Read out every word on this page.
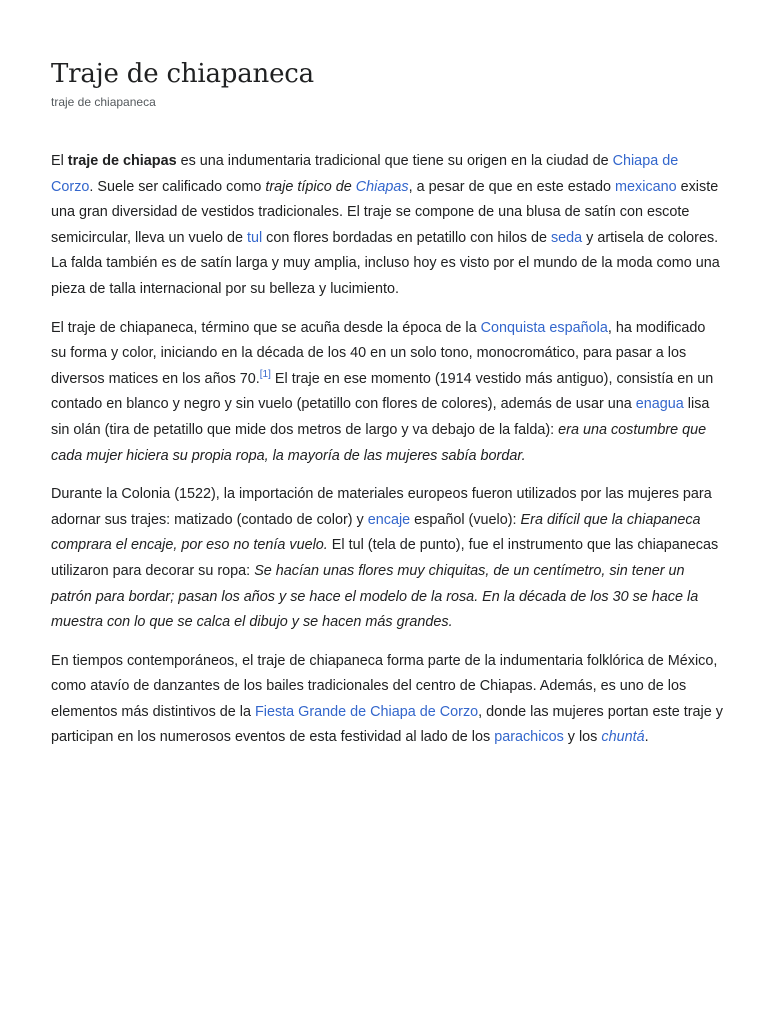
Traje de chiapaneca
traje de chiapaneca

El traje de chiapas es una indumentaria tradicional que tiene su origen en la ciudad de Chiapa de Corzo. Suele ser calificado como traje típico de Chiapas, a pesar de que en este estado mexicano existe una gran diversidad de vestidos tradicionales. El traje se compone de una blusa de satín con escote semicircular, lleva un vuelo de tul con flores bordadas en petatillo con hilos de seda y artisela de colores. La falda también es de satín larga y muy amplia, incluso hoy es visto por el mundo de la moda como una pieza de talla internacional por su belleza y lucimiento.

El traje de chiapaneca, término que se acuña desde la época de la Conquista española, ha modificado su forma y color, iniciando en la década de los 40 en un solo tono, monocromático, para pasar a los diversos matices en los años 70.[1] El traje en ese momento (1914 vestido más antiguo), consistía en un contado en blanco y negro y sin vuelo (petatillo con flores de colores), además de usar una enagua lisa sin olán (tira de petatillo que mide dos metros de largo y va debajo de la falda): era una costumbre que cada mujer hiciera su propia ropa, la mayoría de las mujeres sabía bordar.

Durante la Colonia (1522), la importación de materiales europeos fueron utilizados por las mujeres para adornar sus trajes: matizado (contado de color) y encaje español (vuelo): Era difícil que la chiapaneca comprara el encaje, por eso no tenía vuelo. El tul (tela de punto), fue el instrumento que las chiapanecas utilizaron para decorar su ropa: Se hacían unas flores muy chiquitas, de un centímetro, sin tener un patrón para bordar; pasan los años y se hace el modelo de la rosa. En la década de los 30 se hace la muestra con lo que se calca el dibujo y se hacen más grandes.

En tiempos contemporáneos, el traje de chiapaneca forma parte de la indumentaria folklórica de México, como atavío de danzantes de los bailes tradicionales del centro de Chiapas. Además, es uno de los elementos más distintivos de la Fiesta Grande de Chiapa de Corzo, donde las mujeres portan este traje y participan en los numerosos eventos de esta festividad al lado de los parachicos y los chuntá.
